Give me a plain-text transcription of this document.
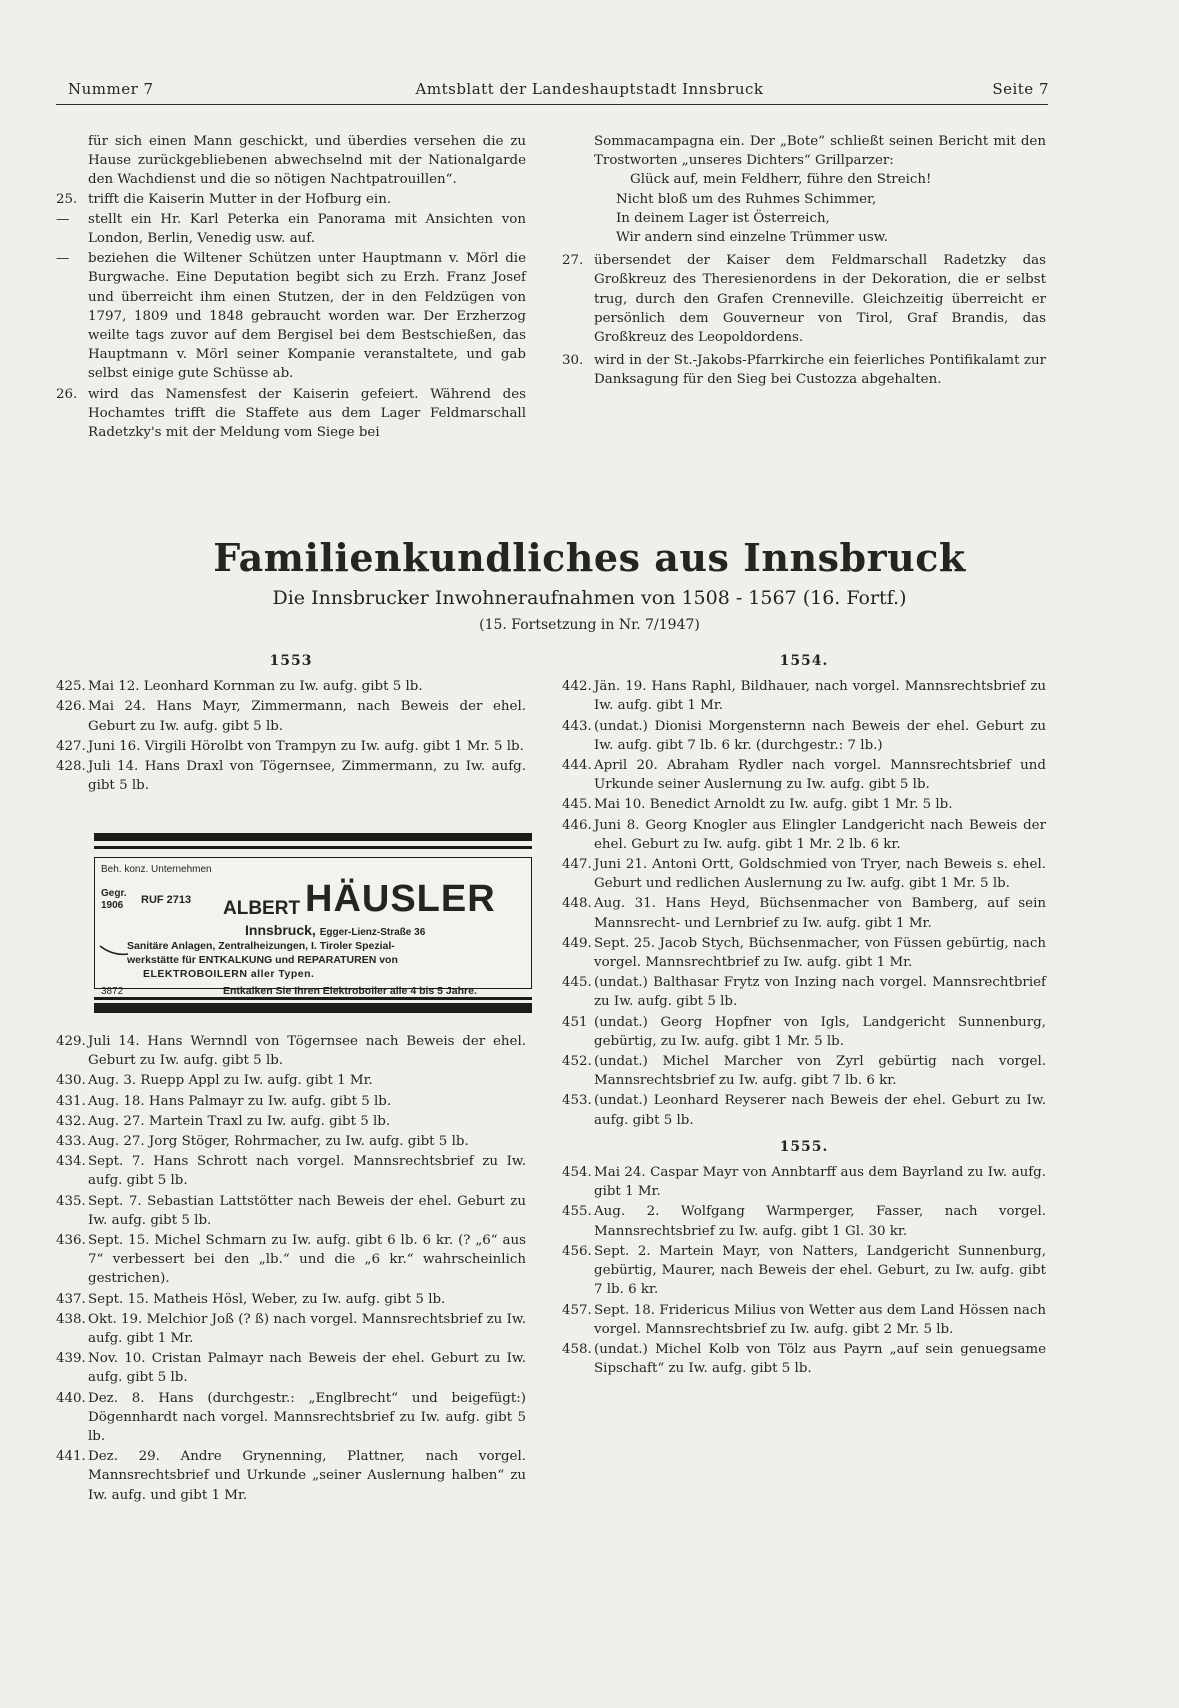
Nummer 7	Amtsblatt der Landeshauptstadt Innsbruck	Seite 7

für sich einen Mann geschickt, und überdies versehen die zu Hause zurückgebliebenen abwechselnd mit der Nationalgarde den Wachdienst und die so nötigen Nachtpatrouillen“.

25. trifft die Kaiserin Mutter in der Hofburg ein.

— stellt ein Hr. Karl Peterka ein Panorama mit Ansichten von London, Berlin, Venedig usw. auf.

— beziehen die Wiltener Schützen unter Hauptmann v. Mörl die Burgwache. Eine Deputation begibt sich zu Erzh. Franz Josef und überreicht ihm einen Stutzen, der in den Feldzügen von 1797, 1809 und 1848 gebraucht worden war. Der Erzherzog weilte tags zuvor auf dem Bergisel bei dem Bestschießen, das Hauptmann v. Mörl seiner Kompanie veranstaltete, und gab selbst einige gute Schüsse ab.

26. wird das Namensfest der Kaiserin gefeiert. Während des Hochamtes trifft die Staffete aus dem Lager Feldmarschall Radetzky's mit der Meldung vom Siege bei

Sommacampagna ein. Der „Bote“ schließt seinen Bericht mit den Trostworten „unseres Dichters“ Grillparzer:

Glück auf, mein Feldherr, führe den Streich!

Nicht bloß um des Ruhmes Schimmer,

In deinem Lager ist Österreich,

Wir andern sind einzelne Trümmer usw.

27. übersendet der Kaiser dem Feldmarschall Radetzky das Großkreuz des Theresienordens in der Dekoration, die er selbst trug, durch den Grafen Crenneville. Gleichzeitig überreicht er persönlich dem Gouverneur von Tirol, Graf Brandis, das Großkreuz des Leopoldordens.

30. wird in der St.-Jakobs-Pfarrkirche ein feierliches Pontifikalamt zur Danksagung für den Sieg bei Custozza abgehalten.

Familienkundliches aus Innsbruck
Die Innsbrucker Inwohneraufnahmen von 1508 - 1567 (16. Fortf.)
(15. Fortsetzung in Nr. 7/1947)
1553

425. Mai 12. Leonhard Kornman zu Iw. aufg. gibt 5 lb.

426. Mai 24. Hans Mayr, Zimmermann, nach Beweis der ehel. Geburt zu Iw. aufg. gibt 5 lb.

427. Juni 16. Virgili Hörolbt von Trampyn zu Iw. aufg. gibt 1 Mr. 5 lb.

428. Juli 14. Hans Draxl von Tögernsee, Zimmermann, zu Iw. aufg. gibt 5 lb.

Beh. konz. Unternehmen
Gegr.
1906 RUF 2713 ALBERT HÄUSLER
Innsbruck, Egger-Lienz-Straße 36
Sanitäre Anlagen, Zentralheizungen, I. Tiroler Spezial-
werkstätte für ENTKALKUNG und REPARATUREN von
ELEKTROBOILERN aller Typen.
3872	Entkalken Sie Ihren Elektroboiler alle 4 bis 5 Jahre.

429. Juli 14. Hans Wernndl von Tögernsee nach Beweis der ehel. Geburt zu Iw. aufg. gibt 5 lb.

430. Aug. 3. Ruepp Appl zu Iw. aufg. gibt 1 Mr.

431. Aug. 18. Hans Palmayr zu Iw. aufg. gibt 5 lb.

432. Aug. 27. Martein Traxl zu Iw. aufg. gibt 5 lb.

433. Aug. 27. Jorg Stöger, Rohrmacher, zu Iw. aufg. gibt 5 lb.

434. Sept. 7. Hans Schrott nach vorgel. Mannsrechtsbrief zu Iw. aufg. gibt 5 lb.

435. Sept. 7. Sebastian Lattstötter nach Beweis der ehel. Geburt zu Iw. aufg. gibt 5 lb.

436. Sept. 15. Michel Schmarn zu Iw. aufg. gibt 6 lb. 6 kr. (? „6“ aus 7“ verbessert bei den „lb.“ und die „6 kr.“ wahrscheinlich gestrichen).

437. Sept. 15. Matheis Hösl, Weber, zu Iw. aufg. gibt 5 lb.

438. Okt. 19. Melchior Joß (? ß) nach vorgel. Mannsrechtsbrief zu Iw. aufg. gibt 1 Mr.

439. Nov. 10. Cristan Palmayr nach Beweis der ehel. Geburt zu Iw. aufg. gibt 5 lb.

440. Dez. 8. Hans (durchgestr.: „Englbrecht“ und beigefügt:) Dögennhardt nach vorgel. Mannsrechtsbrief zu Iw. aufg. gibt 5 lb.

441. Dez. 29. Andre Grynenning, Plattner, nach vorgel. Mannsrechtsbrief und Urkunde „seiner Auslernung halben“ zu Iw. aufg. und gibt 1 Mr.

1554.

442. Jän. 19. Hans Raphl, Bildhauer, nach vorgel. Mannsrechtsbrief zu Iw. aufg. gibt 1 Mr.

443. (undat.) Dionisi Morgensternn nach Beweis der ehel. Geburt zu Iw. aufg. gibt 7 lb. 6 kr. (durchgestr.: 7 lb.)

444. April 20. Abraham Rydler nach vorgel. Mannsrechtsbrief und Urkunde seiner Auslernung zu Iw. aufg. gibt 5 lb.

445. Mai 10. Benedict Arnoldt zu Iw. aufg. gibt 1 Mr. 5 lb.

446. Juni 8. Georg Knogler aus Elingler Landgericht nach Beweis der ehel. Geburt zu Iw. aufg. gibt 1 Mr. 2 lb. 6 kr.

447. Juni 21. Antoni Ortt, Goldschmied von Tryer, nach Beweis s. ehel. Geburt und redlichen Auslernung zu Iw. aufg. gibt 1 Mr. 5 lb.

448. Aug. 31. Hans Heyd, Büchsenmacher von Bamberg, auf sein Mannsrecht- und Lernbrief zu Iw. aufg. gibt 1 Mr.

449. Sept. 25. Jacob Stych, Büchsenmacher, von Füssen gebürtig, nach vorgel. Mannsrechtbrief zu Iw. aufg. gibt 1 Mr.

445. (undat.) Balthasar Frytz von Inzing nach vorgel. Mannsrechtbrief zu Iw. aufg. gibt 5 lb.

451 (undat.) Georg Hopfner von Igls, Landgericht Sunnenburg, gebürtig, zu Iw. aufg. gibt 1 Mr. 5 lb.

452. (undat.) Michel Marcher von Zyrl gebürtig nach vorgel. Mannsrechtsbrief zu Iw. aufg. gibt 7 lb. 6 kr.

453. (undat.) Leonhard Reyserer nach Beweis der ehel. Geburt zu Iw. aufg. gibt 5 lb.

1555.

454. Mai 24. Caspar Mayr von Annbtarff aus dem Bayrland zu Iw. aufg. gibt 1 Mr.

455. Aug. 2. Wolfgang Warmperger, Fasser, nach vorgel. Mannsrechtsbrief zu Iw. aufg. gibt 1 Gl. 30 kr.

456. Sept. 2. Martein Mayr, von Natters, Landgericht Sunnenburg, gebürtig, Maurer, nach Beweis der ehel. Geburt, zu Iw. aufg. gibt 7 lb. 6 kr.

457. Sept. 18. Fridericus Milius von Wetter aus dem Land Hössen nach vorgel. Mannsrechtsbrief zu Iw. aufg. gibt 2 Mr. 5 lb.

458. (undat.) Michel Kolb von Tölz aus Payrn „auf sein genuegsame Sipschaft“ zu Iw. aufg. gibt 5 lb.
